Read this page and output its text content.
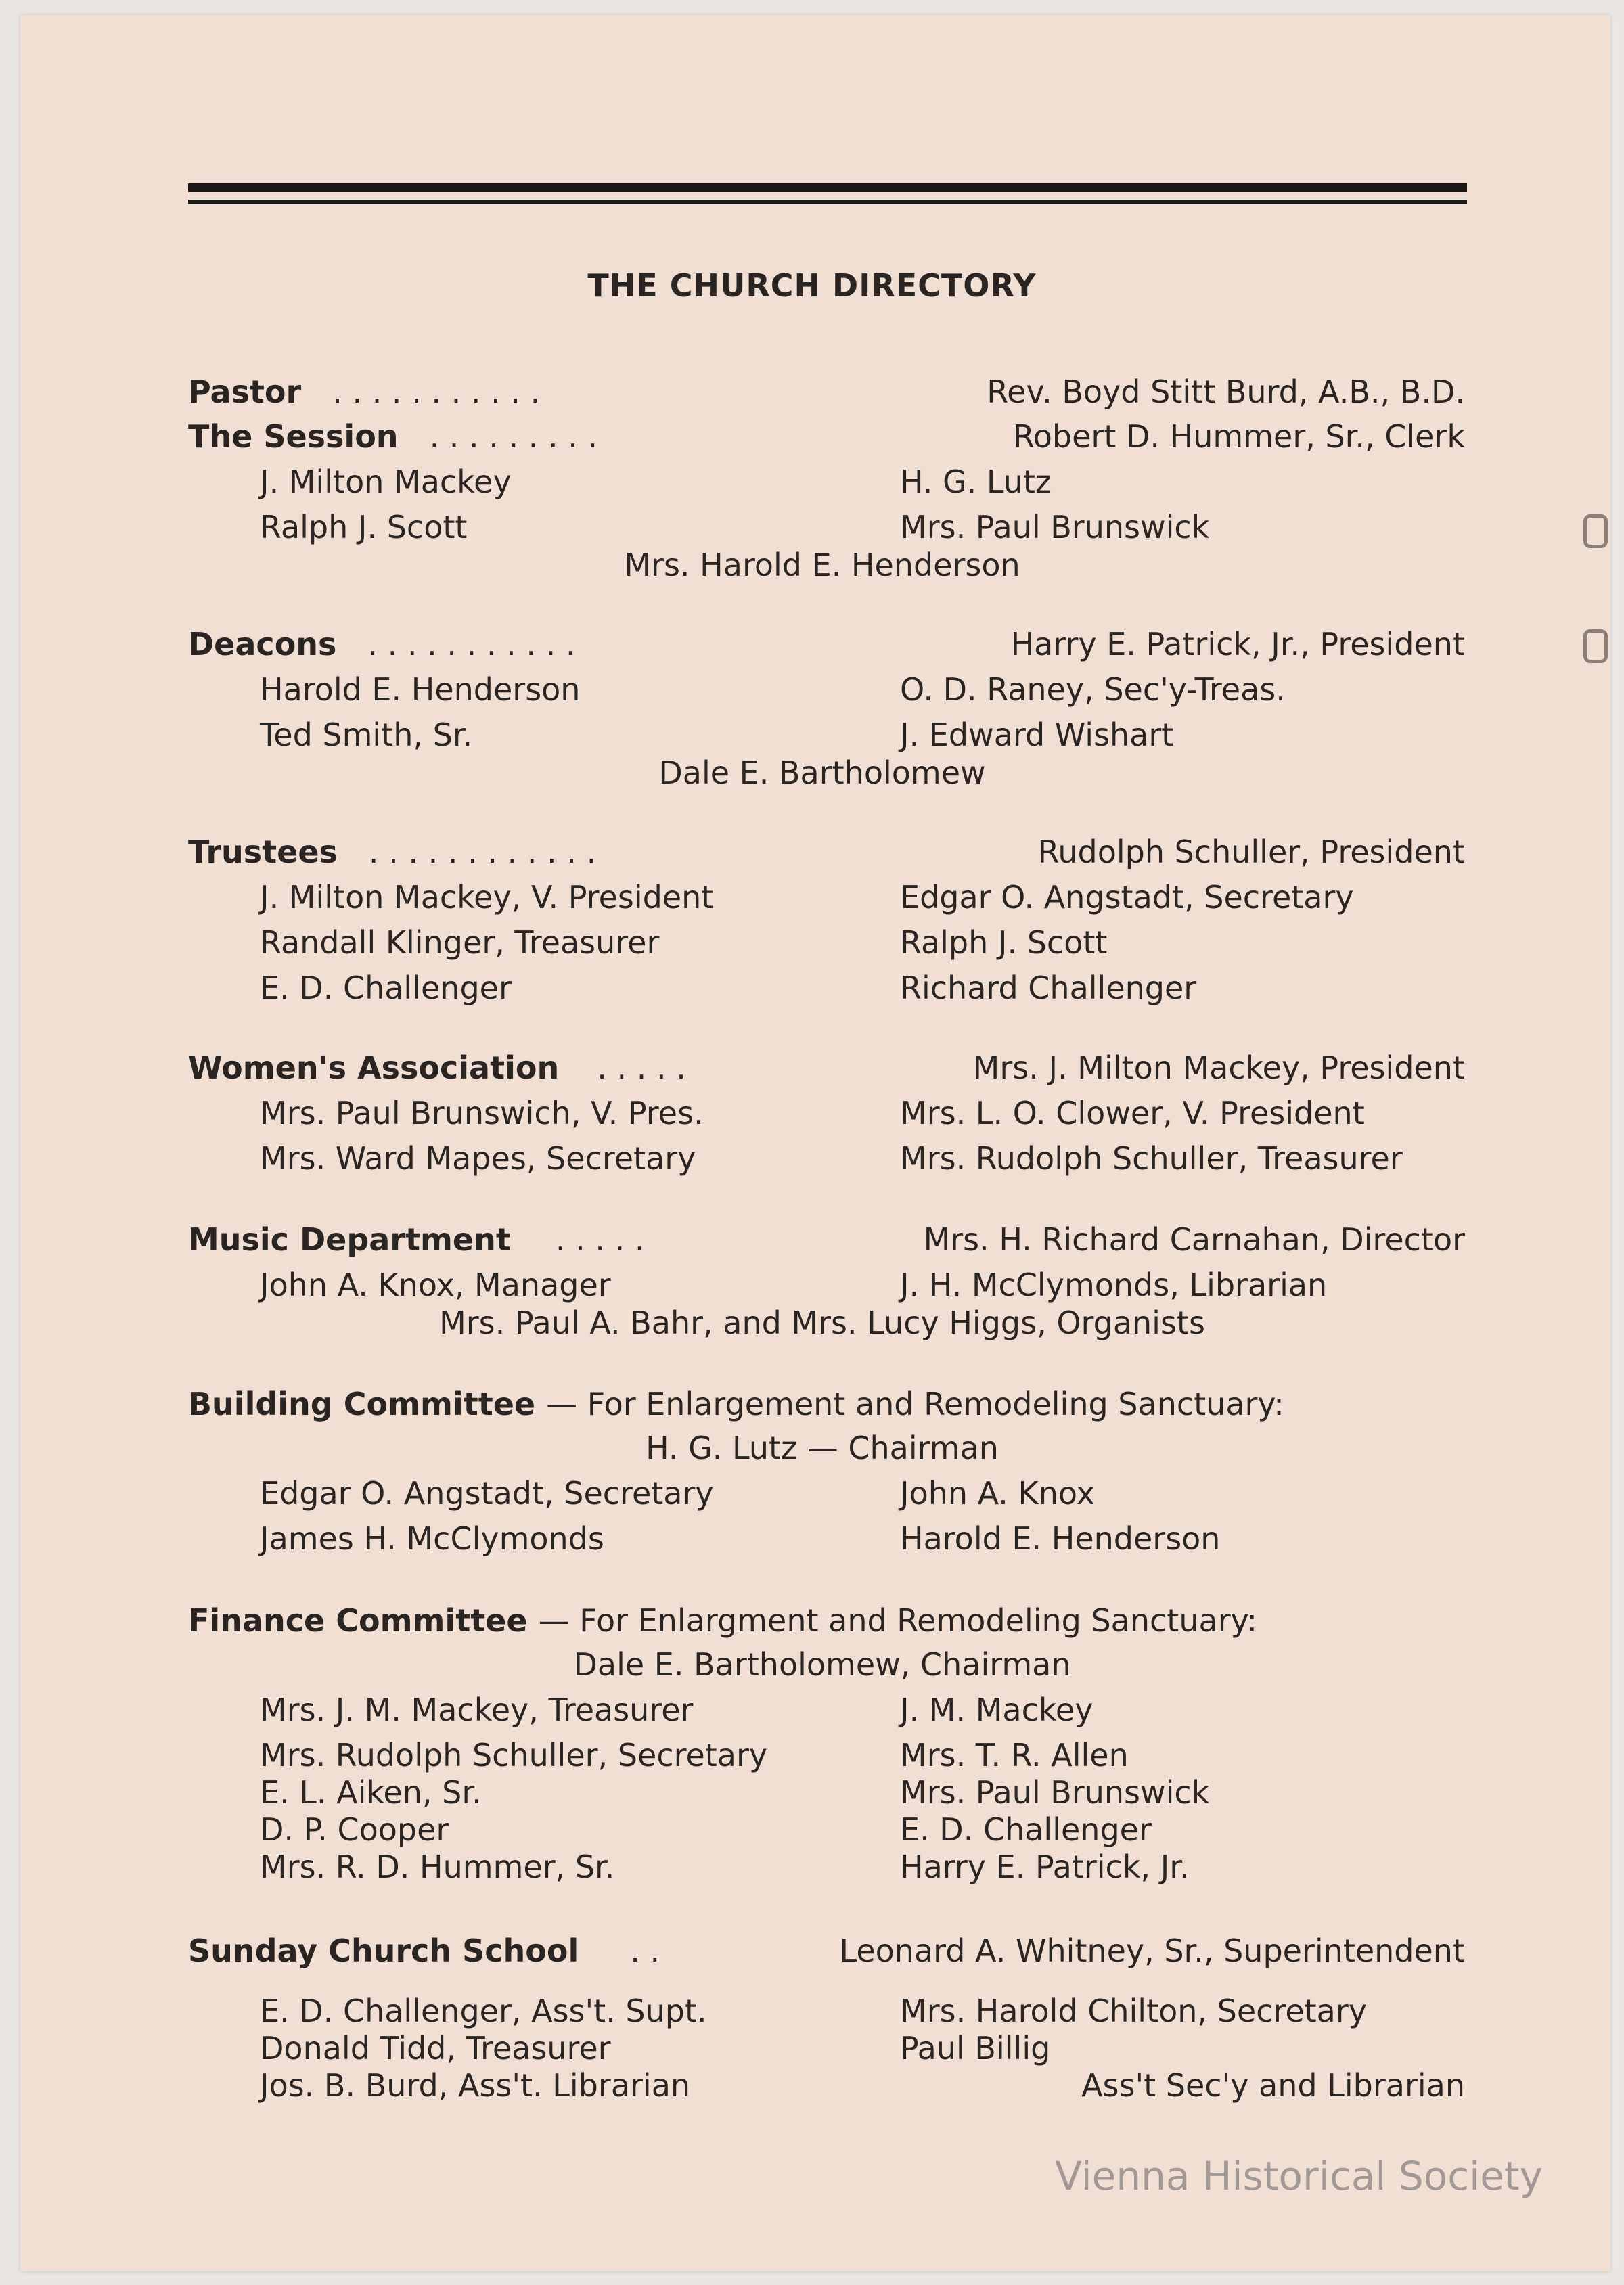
THE CHURCH DIRECTORY
Pastor . . . . . . . . . . .	Rev. Boyd Stitt Burd, A.B., B.D.
The Session . . . . . . . . .	Robert D. Hummer, Sr., Clerk
J. Milton Mackey	H. G. Lutz
Ralph J. Scott	Mrs. Paul Brunswick
Mrs. Harold E. Henderson
Deacons . . . . . . . . . . .	Harry E. Patrick, Jr., President
Harold E. Henderson	O. D. Raney, Sec'y-Treas.
Ted Smith, Sr.	J. Edward Wishart
Dale E. Bartholomew
Trustees . . . . . . . . . . . .	Rudolph Schuller, President
J. Milton Mackey, V. President	Edgar O. Angstadt, Secretary
Randall Klinger, Treasurer	Ralph J. Scott
E. D. Challenger	Richard Challenger
Women's Association . . . . .	Mrs. J. Milton Mackey, President
Mrs. Paul Brunswich, V. Pres.	Mrs. L. O. Clower, V. President
Mrs. Ward Mapes, Secretary	Mrs. Rudolph Schuller, Treasurer
Music Department . . . . .	Mrs. H. Richard Carnahan, Director
John A. Knox, Manager	J. H. McClymonds, Librarian
Mrs. Paul A. Bahr, and Mrs. Lucy Higgs, Organists
Building Committee — For Enlargement and Remodeling Sanctuary:
H. G. Lutz — Chairman
Edgar O. Angstadt, Secretary	John A. Knox
James H. McClymonds	Harold E. Henderson
Finance Committee — For Enlargment and Remodeling Sanctuary:
Dale E. Bartholomew, Chairman
Mrs. J. M. Mackey, Treasurer	J. M. Mackey
Mrs. Rudolph Schuller, Secretary	Mrs. T. R. Allen
E. L. Aiken, Sr.	Mrs. Paul Brunswick
D. P. Cooper	E. D. Challenger
Mrs. R. D. Hummer, Sr.	Harry E. Patrick, Jr.
Sunday Church School . .	Leonard A. Whitney, Sr., Superintendent
E. D. Challenger, Ass't. Supt.	Mrs. Harold Chilton, Secretary
Donald Tidd, Treasurer	Paul Billig
Jos. B. Burd, Ass't. Librarian	Ass't Sec'y and Librarian
Vienna Historical Society
